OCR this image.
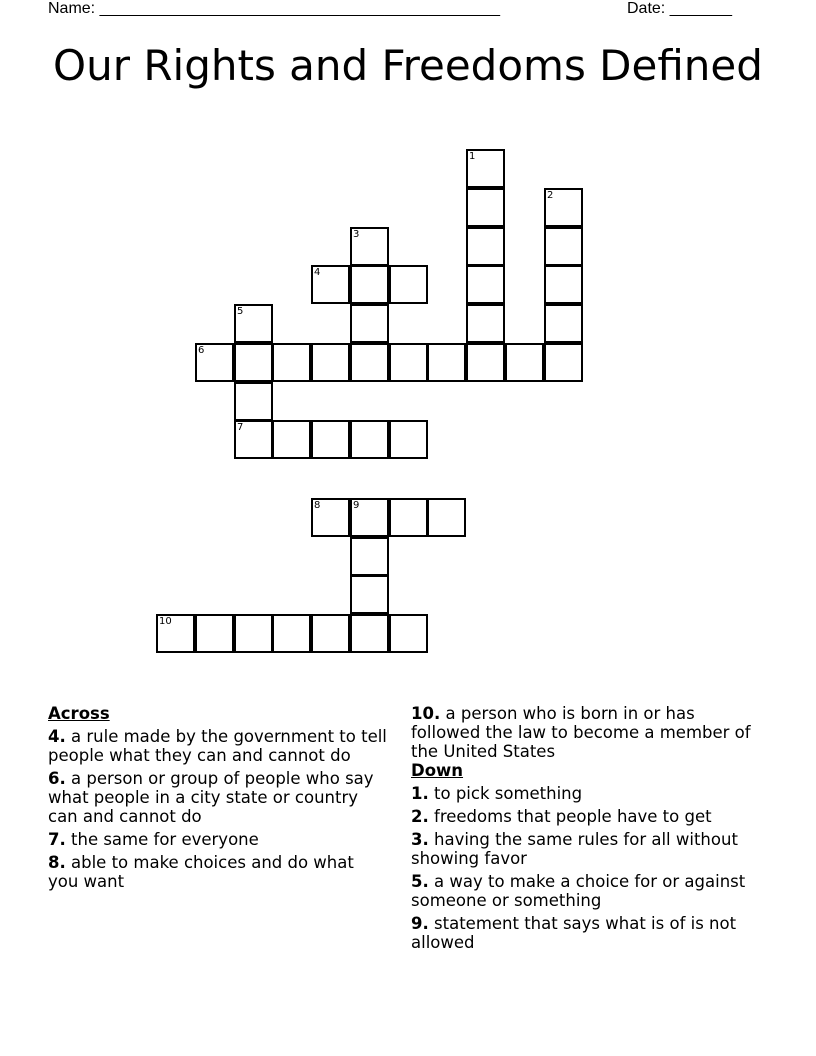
Name: _____________________________________________	Date: _______
Our Rights and Freedoms Defined
1
2
3
4
5
6
7
8	9
10
Across
4 . a rule made by the government to tell people what they can and cannot do
6 . a person or group of people who say what people in a city state or country can and cannot do
7 . the same for everyone
8 . able to make choices and do what you want
10 . a person who is born in or has followed the law to become a member of the United States
Down
1 . to pick something
2 . freedoms that people have to get
3 . having the same rules for all without showing favor
5 . a way to make a choice for or against someone or something
9 . statement that says what is of is not allowed
